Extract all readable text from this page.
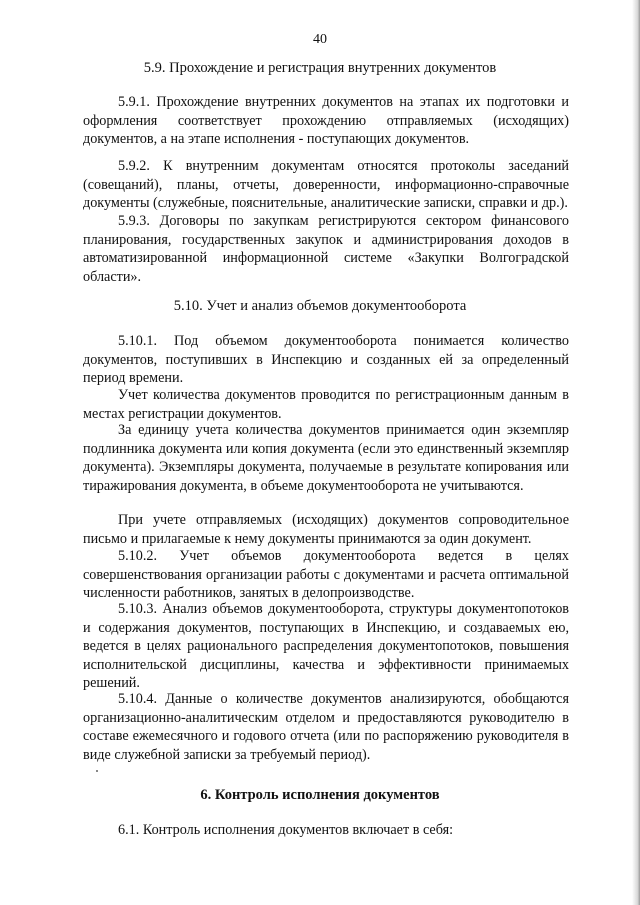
40
5.9. Прохождение и регистрация внутренних документов

5.9.1. Прохождение внутренних документов на этапах их подготовки и оформления соответствует прохождению отправляемых (исходящих) документов, а на этапе исполнения - поступающих документов.

5.9.2. К внутренним документам относятся протоколы заседаний (совещаний), планы, отчеты, доверенности, информационно-справочные документы (служебные, пояснительные, аналитические записки, справки и др.).

5.9.3. Договоры по закупкам регистрируются сектором финансового планирования, государственных закупок и администрирования доходов в автоматизированной информационной системе «Закупки Волгоградской области».

5.10. Учет и анализ объемов документооборота

5.10.1. Под объемом документооборота понимается количество документов, поступивших в Инспекцию и созданных ей за определенный период времени.

Учет количества документов проводится по регистрационным данным в местах регистрации документов.

За единицу учета количества документов принимается один экземпляр подлинника документа или копия документа (если это единственный экземпляр документа). Экземпляры документа, получаемые в результате копирования или тиражирования документа, в объеме документооборота не учитываются.

При учете отправляемых (исходящих) документов сопроводительное письмо и прилагаемые к нему документы принимаются за один документ.

5.10.2. Учет объемов документооборота ведется в целях совершенствования организации работы с документами и расчета оптимальной численности работников, занятых в делопроизводстве.

5.10.3. Анализ объемов документооборота, структуры документопотоков и содержания документов, поступающих в Инспекцию, и создаваемых ею, ведется в целях рационального распределения документопотоков, повышения исполнительской дисциплины, качества и эффективности принимаемых решений.

5.10.4. Данные о количестве документов анализируются, обобщаются организационно-аналитическим отделом и предоставляются руководителю в составе ежемесячного и годового отчета (или по распоряжению руководителя в виде служебной записки за требуемый период).

6. Контроль исполнения документов

6.1. Контроль исполнения документов включает в себя:
